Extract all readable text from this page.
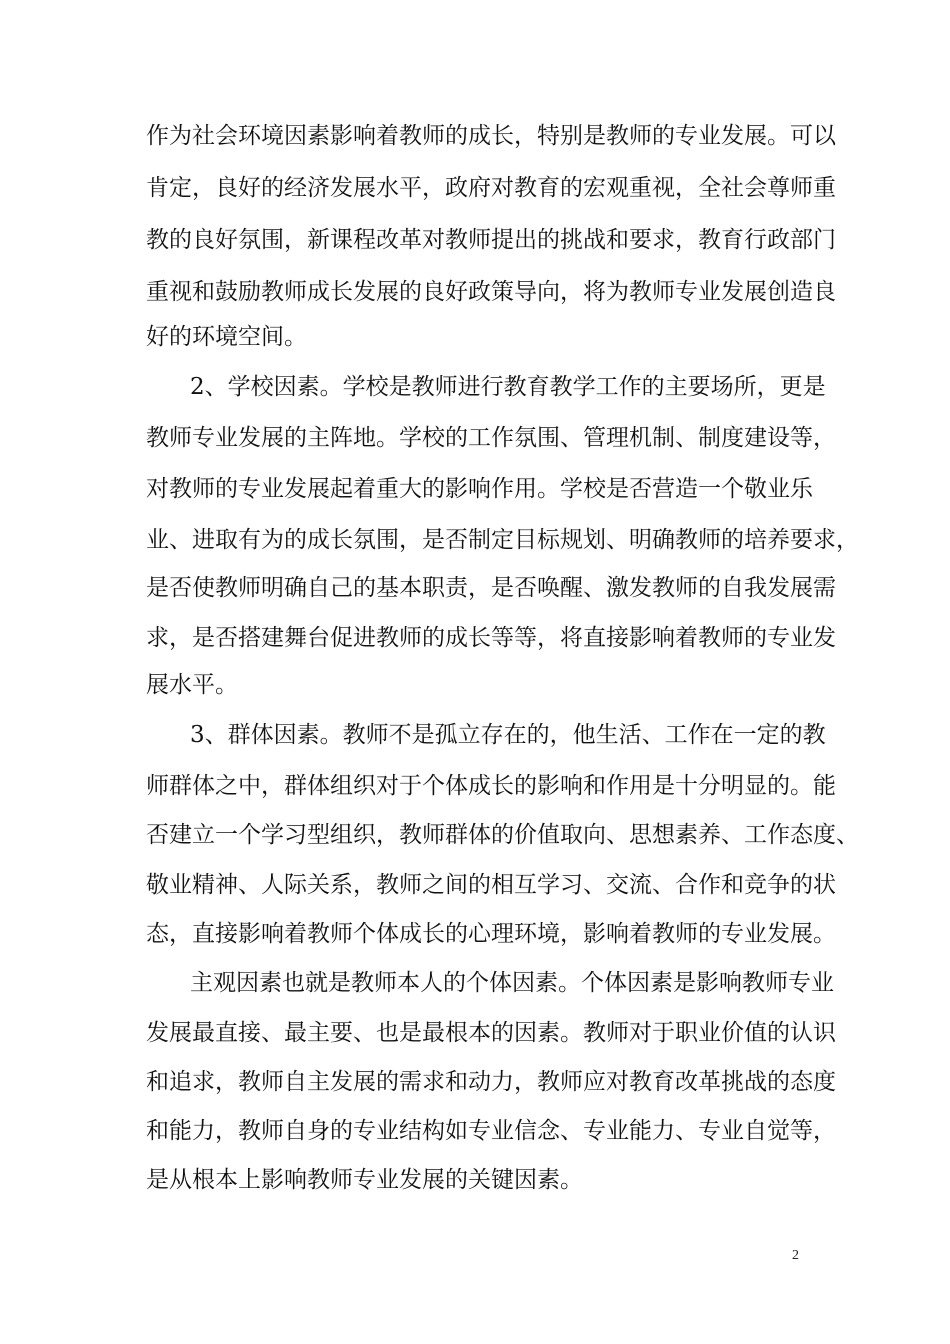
作为社会环境因素影响着教师的成长，特别是教师的专业发展。可以
肯定，良好的经济发展水平，政府对教育的宏观重视，全社会尊师重
教的良好氛围，新课程改革对教师提出的挑战和要求，教育行政部门
重视和鼓励教师成长发展的良好政策导向，将为教师专业发展创造良
好的环境空间。
2、学校因素。学校是教师进行教育教学工作的主要场所，更是
教师专业发展的主阵地。学校的工作氛围、管理机制、制度建设等，
对教师的专业发展起着重大的影响作用。学校是否营造一个敬业乐
业、进取有为的成长氛围，是否制定目标规划、明确教师的培养要求，
是否使教师明确自己的基本职责，是否唤醒、激发教师的自我发展需
求，是否搭建舞台促进教师的成长等等，将直接影响着教师的专业发
展水平。
3、群体因素。教师不是孤立存在的，他生活、工作在一定的教
师群体之中，群体组织对于个体成长的影响和作用是十分明显的。能
否建立一个学习型组织，教师群体的价值取向、思想素养、工作态度、
敬业精神、人际关系，教师之间的相互学习、交流、合作和竞争的状
态，直接影响着教师个体成长的心理环境，影响着教师的专业发展。
主观因素也就是教师本人的个体因素。个体因素是影响教师专业
发展最直接、最主要、也是最根本的因素。教师对于职业价值的认识
和追求，教师自主发展的需求和动力，教师应对教育改革挑战的态度
和能力，教师自身的专业结构如专业信念、专业能力、专业自觉等，
是从根本上影响教师专业发展的关键因素。
2
